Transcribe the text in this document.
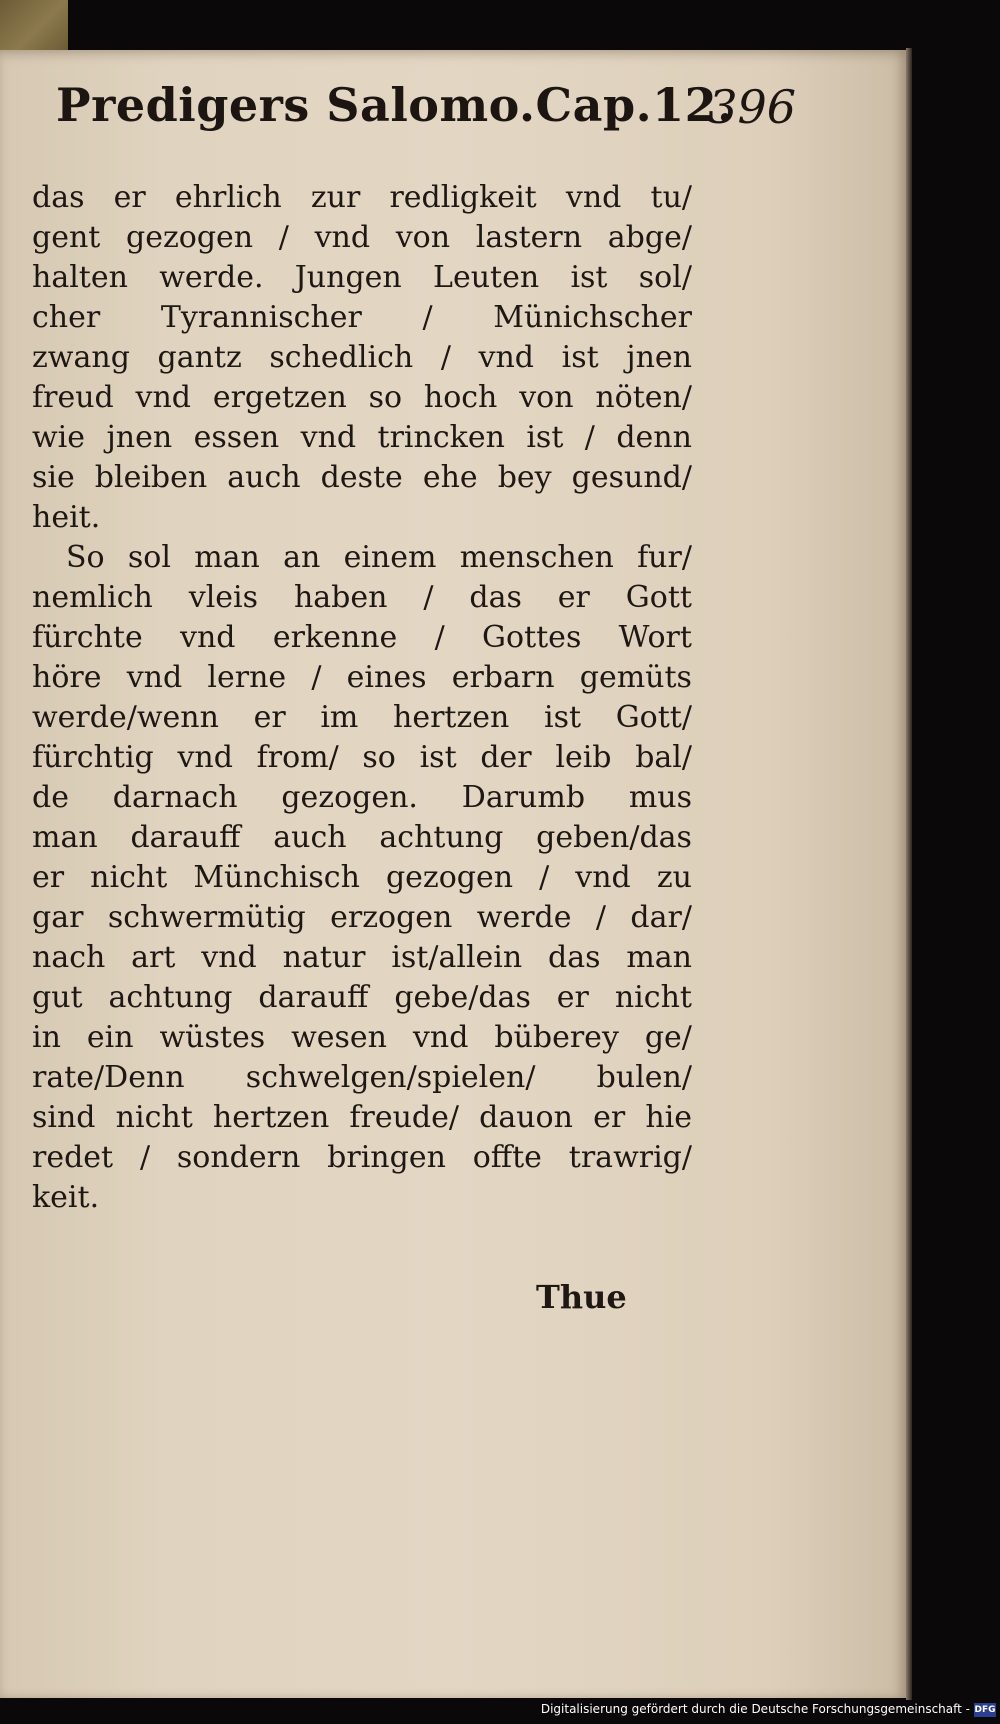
Predigers Salomo.Cap.12.
396
das er ehrlich zur redligkeit vnd tu/
gent gezogen / vnd von lastern abge/
halten werde. Jungen Leuten ist sol/
cher Tyrannischer / Münichscher
zwang gantz schedlich / vnd ist jnen
freud vnd ergetzen so hoch von nöten/
wie jnen essen vnd trincken ist / denn
sie bleiben auch deste ehe bey gesund/
heit.
So sol man an einem menschen fur/
nemlich vleis haben / das er Gott
fürchte vnd erkenne / Gottes Wort
höre vnd lerne / eines erbarn gemüts
werde/wenn er im hertzen ist Gott/
fürchtig vnd from/ so ist der leib bal/
de darnach gezogen. Darumb mus
man darauff auch achtung geben/das
er nicht Münchisch gezogen / vnd zu
gar schwermütig erzogen werde / dar/
nach art vnd natur ist/allein das man
gut achtung darauff gebe/das er nicht
in ein wüstes wesen vnd büberey ge/
rate/Denn schwelgen/spielen/ bulen/
sind nicht hertzen freude/ dauon er hie
redet / sondern bringen offte trawrig/
keit.
Thue
Digitalisierung gefördert durch die Deutsche Forschungsgemeinschaft - DFG
